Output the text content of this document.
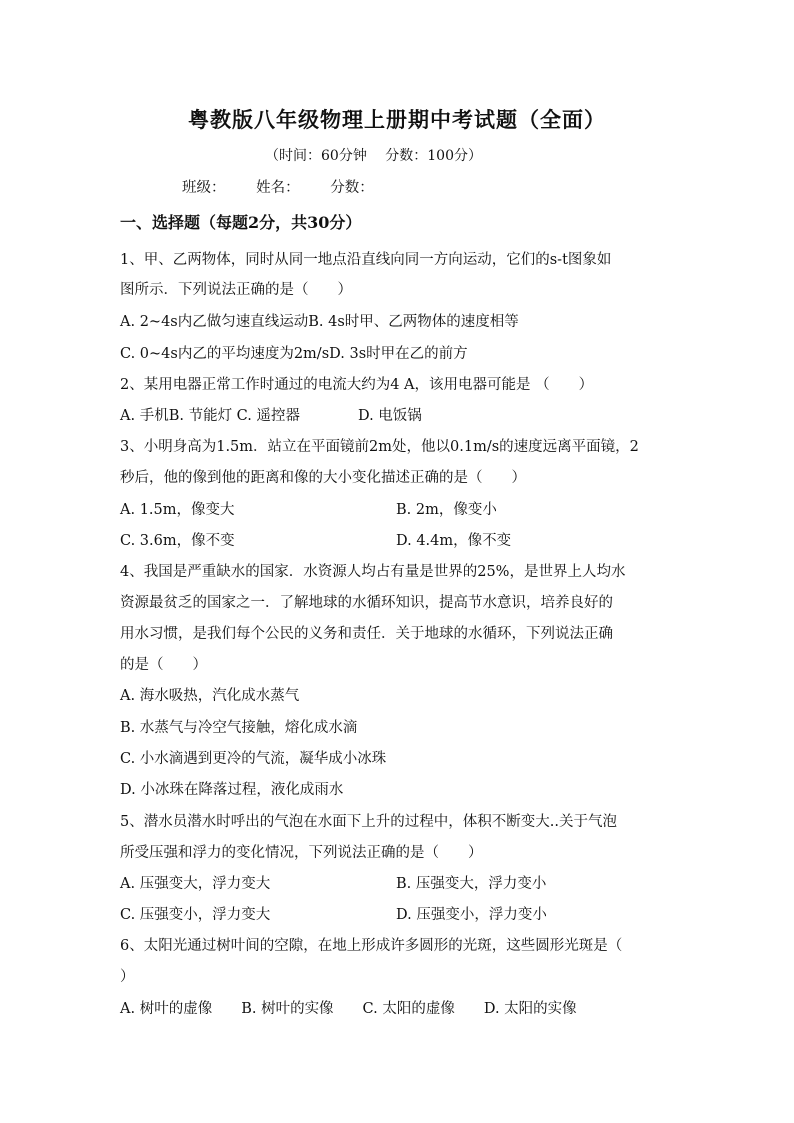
粤教版八年级物理上册期中考试题（全面）
（时间：60分钟　 分数：100分）
班级： 姓名： 分数：
一、选择题（每题2分，共30分）
1、甲、乙两物体，同时从同一地点沿直线向同一方向运动，它们的s-t图象如
图所示．下列说法正确的是（　　）
A. 2~4s内乙做匀速直线运动B. 4s时甲、乙两物体的速度相等
C. 0~4s内乙的平均速度为2m/sD. 3s时甲在乙的前方
2、某用电器正常工作时通过的电流大约为4 A，该用电器可能是 （　　）
A. 手机B. 节能灯 C. 遥控器　　　　D. 电饭锅
3、小明身高为1.5m．站立在平面镜前2m处，他以0.1m/s的速度远离平面镜，2
秒后，他的像到他的距离和像的大小变化描述正确的是（　　）
A. 1.5m，像变大	B. 2m，像变小
C. 3.6m，像不变	D. 4.4m，像不变
4、我国是严重缺水的国家．水资源人均占有量是世界的25%，是世界上人均水
资源最贫乏的国家之一．了解地球的水循环知识，提高节水意识，培养良好的
用水习惯，是我们每个公民的义务和责任．关于地球的水循环，下列说法正确
的是（　　）
A. 海水吸热，汽化成水蒸气
B. 水蒸气与冷空气接触，熔化成水滴
C. 小水滴遇到更冷的气流，凝华成小冰珠
D. 小冰珠在降落过程，液化成雨水
5、潜水员潜水时呼出的气泡在水面下上升的过程中，体积不断变大..关于气泡
所受压强和浮力的变化情况，下列说法正确的是（　　）
A. 压强变大，浮力变大	B. 压强变大，浮力变小
C. 压强变小，浮力变大	D. 压强变小，浮力变小
6、太阳光通过树叶间的空隙，在地上形成许多圆形的光斑，这些圆形光斑是（
）
A. 树叶的虚像　　B. 树叶的实像　　C. 太阳的虚像　　D. 太阳的实像
